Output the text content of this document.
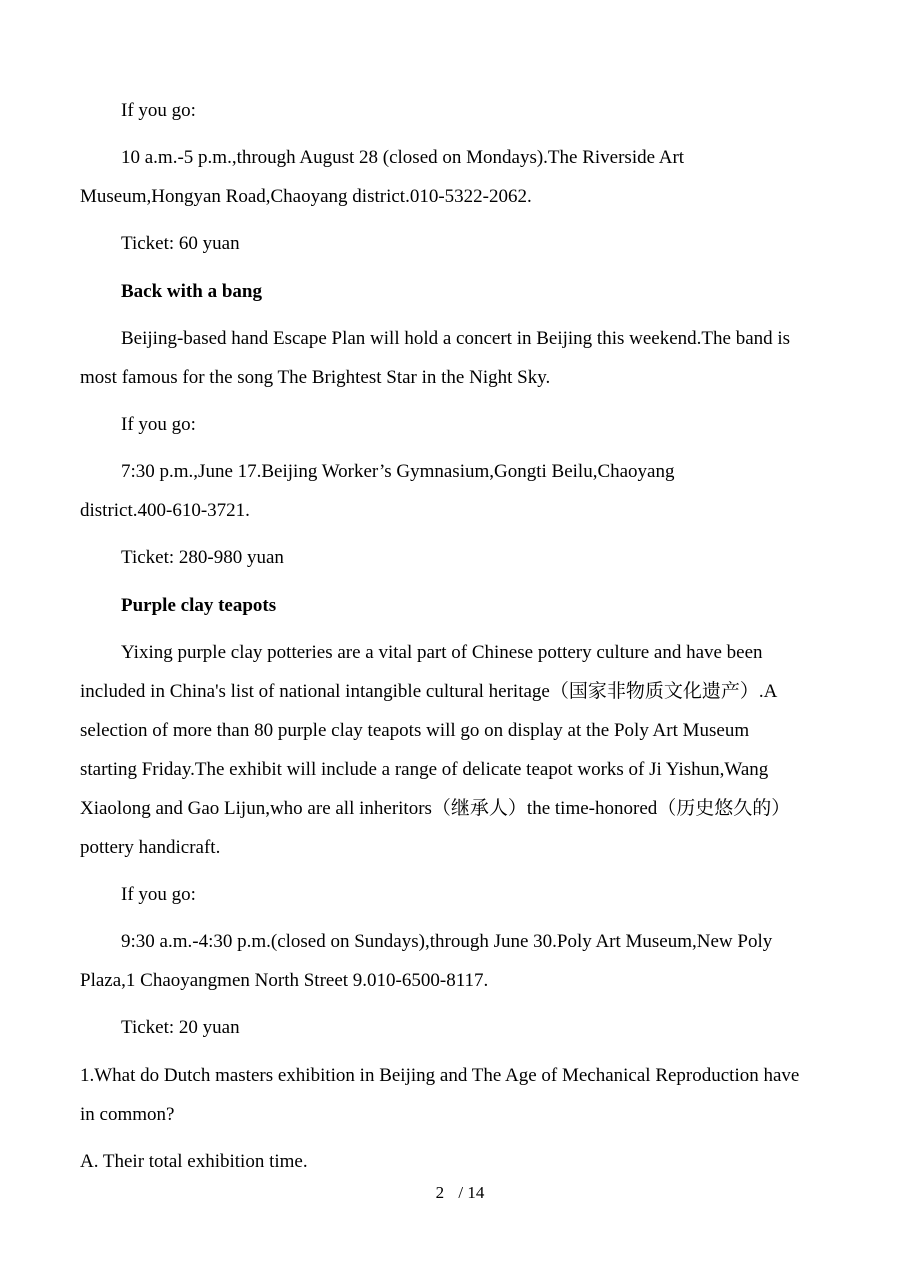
If you go:

10 a.m.-5 p.m.,through August 28 (closed on Mondays).The Riverside Art

Museum,Hongyan Road,Chaoyang district.010-5322-2062.

Ticket: 60 yuan

Back with a bang

Beijing-based hand Escape Plan will hold a concert in Beijing this weekend.The band is

most famous for the song The Brightest Star in the Night Sky.

If you go:

7:30 p.m.,June 17.Beijing Worker’s Gymnasium,Gongti Beilu,Chaoyang

district.400-610-3721.

Ticket: 280-980 yuan

Purple clay teapots

Yixing purple clay potteries are a vital part of Chinese pottery culture and have been

included in China's list of national intangible cultural heritage（国家非物质文化遗产）.A

selection of more than 80 purple clay teapots will go on display at the Poly Art Museum

starting Friday.The exhibit will include a range of delicate teapot works of Ji Yishun,Wang

Xiaolong and Gao Lijun,who are all inheritors（继承人）the time-honored（历史悠久的）

pottery handicraft.

If you go:

9:30 a.m.-4:30 p.m.(closed on Sundays),through June 30.Poly Art Museum,New Poly

Plaza,1 Chaoyangmen North Street 9.010-6500-8117.

Ticket: 20 yuan

1.What do Dutch masters exhibition in Beijing and The Age of Mechanical Reproduction have

in common?

A. Their total exhibition time.

2 / 14
